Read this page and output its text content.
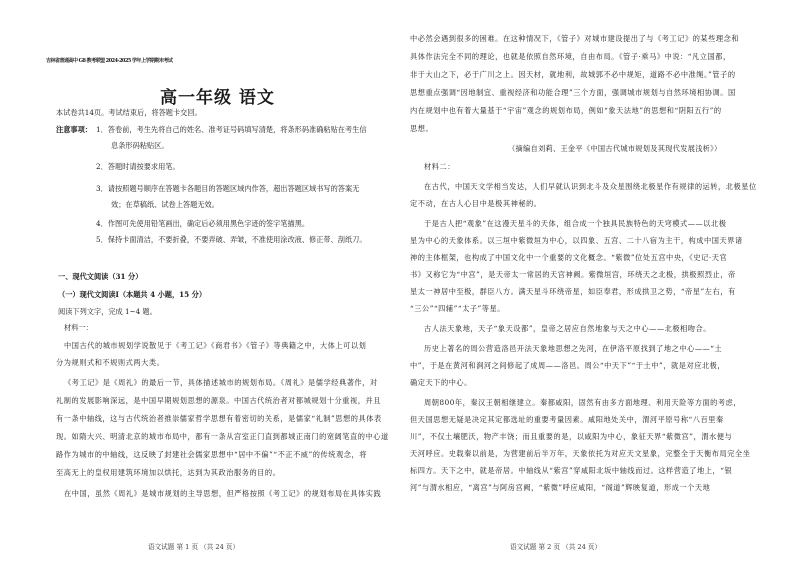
吉林省普通高中 G8 教考联盟 2024-2025 学年上学期期末考试
高一年级 语文
本试卷共14页。考试结束后，将答题卡交回。
注意事项： 1．答卷前，考生先将自己的姓名、准考证号码填写清楚，将条形码准确粘贴在考生信
息条形码粘贴区。
2．答题时请按要求用笔。
3．请按照题号顺序在答题卡各题目的答题区域内作答，超出答题区域书写的答案无
效；在草稿纸、试卷上答题无效。
4．作图可先使用铅笔画出，确定后必须用黑色字迹的签字笔描黑。
5．保持卡面清洁，不要折叠，不要弄破、弄皱，不准使用涂改液、修正带、刮纸刀。
一、现代文阅读（31 分）
（一）现代文阅读Ⅰ（本题共 4 小题，15 分）
阅读下列文字，完成 1~4 题。
材料一：
中国古代的城市规划学说散见于《考工记》《商君书》《管子》等典籍之中，大体上可以划
分为规则式和不规则式两大类。
《考工记》是《周礼》的最后一节，具体描述城市的规划布局。《周礼》是儒学经典著作，对
礼制的发展影响深远，是中国早期规划思想的源泉。中国古代统治者对都城规划十分重视，并且
有一条中轴线，这与古代统治者推崇儒家哲学思想有着密切的关系，是儒家“礼制”思想的具体表
现。如隋大兴、明清北京的城市布局中，都有一条从宫室正门直到都城正南门的宽阔笔直的中心道
路作为城市的中轴线，这反映了封建社会儒家思想中“居中不偏”“不正不威”的传统观念，将
至高无上的皇权用建筑环境加以烘托，达到为其政治服务的目的。
在中国，虽然《周礼》是城市规划的主导思想，但严格按照《考工记》的规划布局在具体实践
语文试题 第 1 页 （共 24 页）
中必然会遇到很多的困难。在这种情况下，《管子》对城市建设提出了与《考工记》的某些理念和
具体作法完全不同的理论，也就是依照自然环境，自由布局。《管子·乘马》中说：“凡立国都，
非于大山之下，必于广川之上。因天材，就地利，故城郭不必中规矩，道路不必中准绳。”管子的
思想重点强调“因地制宜、重视经济和功能合理”三个方面，强调城市规划与自然环境相协调。国
内在规划中也有着大量基于“宇宙”观念的规划布局，例如“象天法地”的思想和“阴阳五行”的
思想。
（摘编自刘莉、王金平《中国古代城市规划及其现代发展浅析》）
材料二：
在古代，中国天文学相当发达，人们早就认识到北斗及众星围绕北极星作有规律的运转，北极星位
定不动，在古人心目中是极其神秘的。
于是古人把“观象”在这漫天星斗的天体，组合成一个独具民族特色的天穹模式——以北极
星为中心的天象体系。以三垣中紫微垣为中心，以四象、五宫、二十八宿为主干，构成中国天界诸
神的主体框架，也构成了中国文化中一个重要的文化概念。“紫微”位处五宫中央，《史记·天官
书》又称它为“中宫”，是天帝太一常居的天宫神阙。紫微垣宫，环绕天之北极，拱极照烈止，帝
星太一神居中至极，群臣八方。满天星斗环绕帝星，如臣奉君，形成拱卫之势，“帝星”左右，有
“三公”“四辅”“太子”等星。
古人法天象地，天子“象天设都”，皇帝之居应自然地象与天之中心——北极相吻合。
历史上著名的周公营造洛邑开法天象地思想之先河，在伊洛平原找到了地之中心——“土
中”，于是在黄河和涧河之间修起了成周——洛邑。周公“中天下”“于土中”，就是对应北极，
确定天下的中心。
周朝800年，秦汉王朝相继建立。秦都咸阳，固然有由多方面地理、利用天险等方面的考虑，
但天国思想无疑是决定其定都选址的重要考量因素。咸阳地处关中，渭河平原号称“八百里秦
川”，不仅土壤肥沃，物产丰饶；而且重要的是，以咸阳为中心，象征天界“紫微宫”，渭水便与
天河呼应。史载秦以前是，为营建前后半万年，天象依托为对应天文星象，完整全于天衡布局完全坐
标四方。天下之中，就是帝居。中轴线从“紫宫”穿咸阳北坂中轴线而过。这样营造了地上，“银
河”与渭水相应，“离宫”与阿房宫阙，“紫微”呼应咸阳，“阁道”辉映复道，形成一个天地
语文试题 第 2 页 （共 24 页）
